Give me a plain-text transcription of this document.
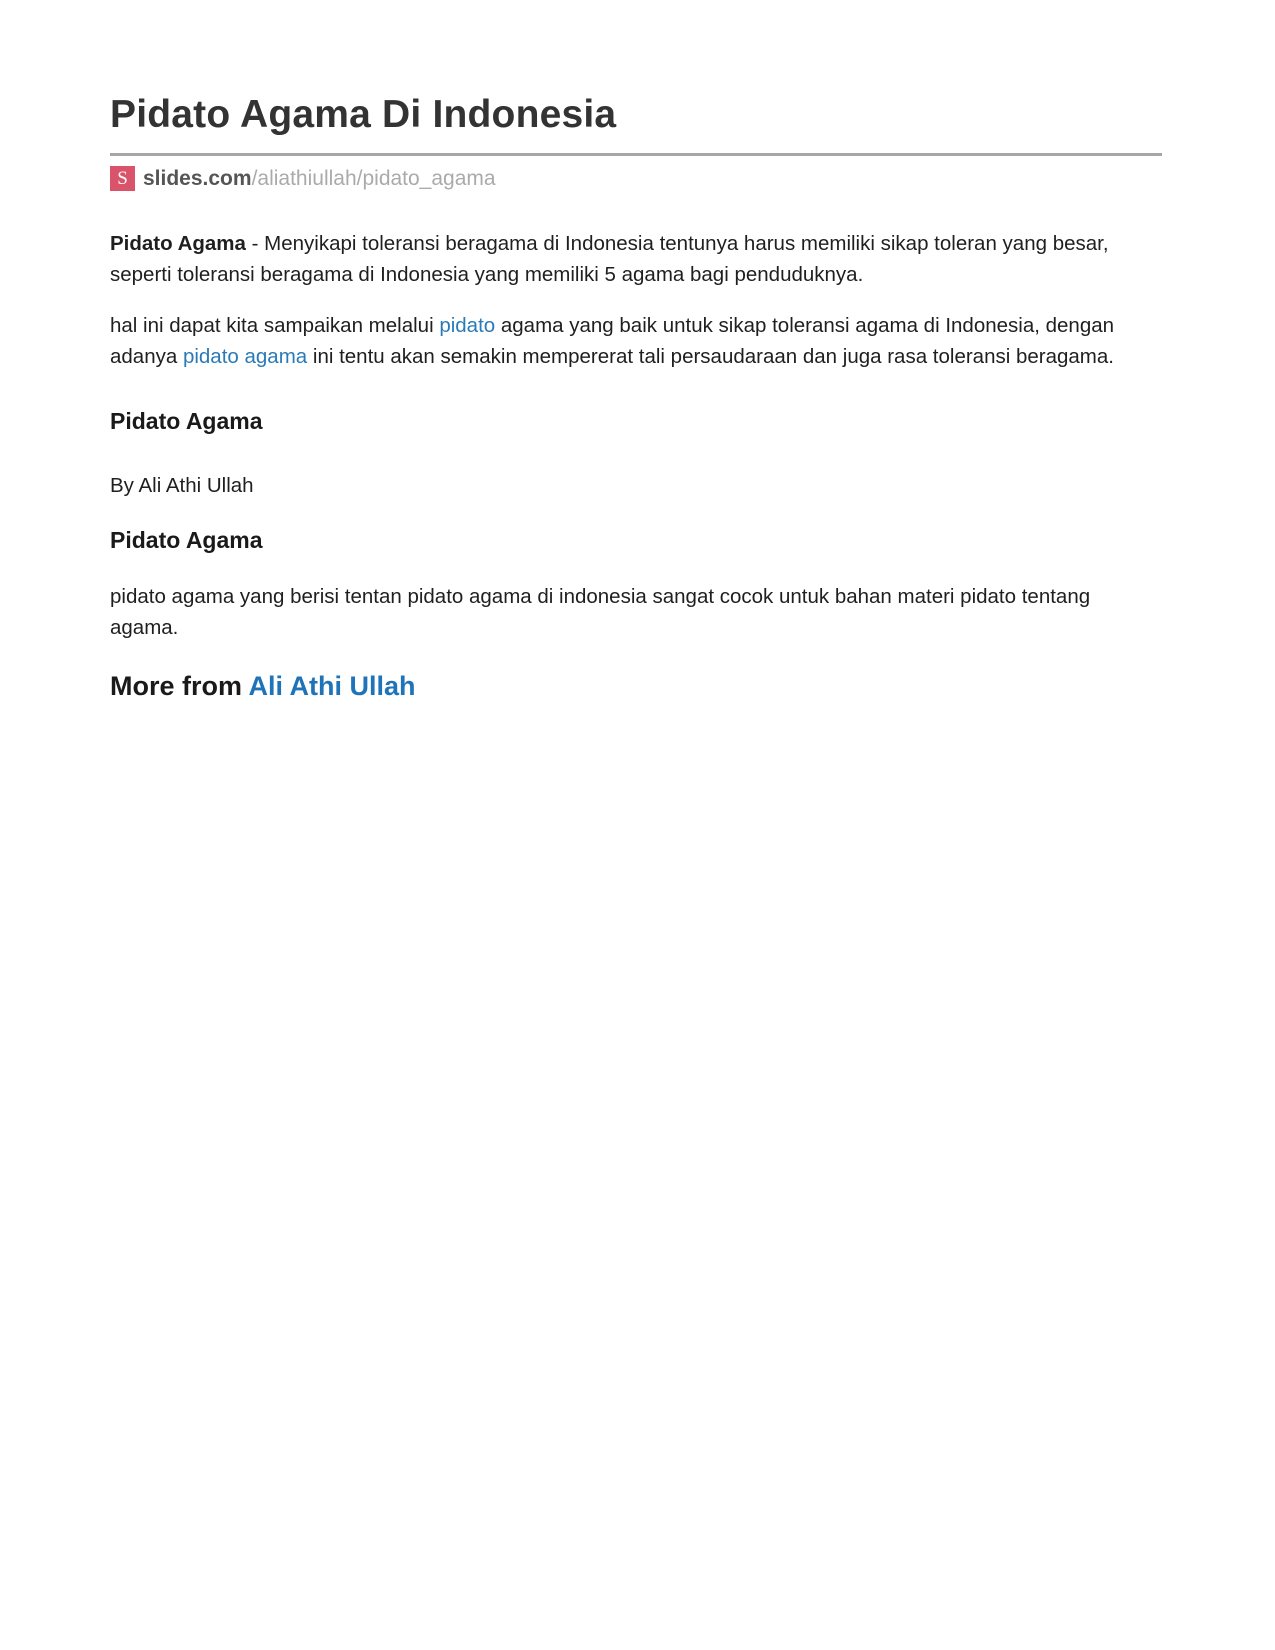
Pidato Agama Di Indonesia
S slides.com /aliathiullah/pidato_agama

Pidato Agama - Menyikapi toleransi beragama di Indonesia tentunya harus memiliki sikap toleran yang besar, seperti toleransi beragama di Indonesia yang memiliki 5 agama bagi penduduknya.

hal ini dapat kita sampaikan melalui pidato agama yang baik untuk sikap toleransi agama di Indonesia, dengan adanya pidato agama ini tentu akan semakin mempererat tali persaudaraan dan juga rasa toleransi beragama.

Pidato Agama

By Ali Athi Ullah

Pidato Agama

pidato agama yang berisi tentan pidato agama di indonesia sangat cocok untuk bahan materi pidato tentang agama.

More from Ali Athi Ullah
